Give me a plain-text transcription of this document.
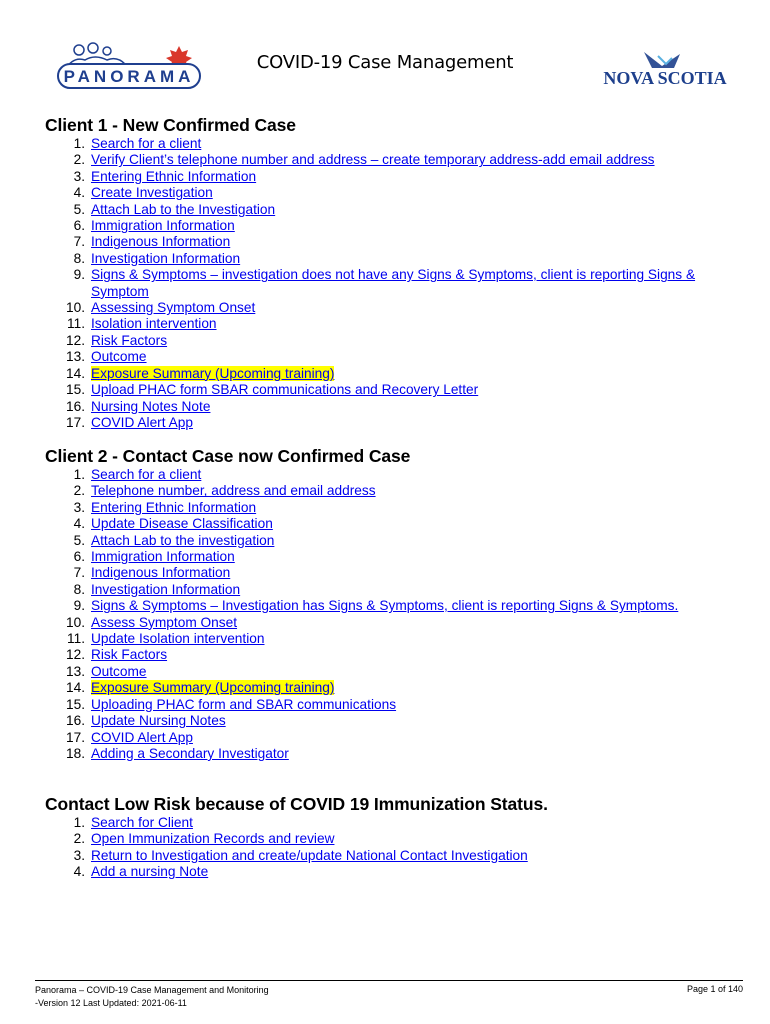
PANORAMA
COVID-19 Case Management
NOVA SCOTIA
Client 1 - New Confirmed Case
1. Search for a client
2. Verify Client’s telephone number and address – create temporary address-add email address
3. Entering Ethnic Information
4. Create Investigation
5. Attach Lab to the Investigation
6. Immigration Information
7. Indigenous Information
8. Investigation Information
9. Signs & Symptoms – investigation does not have any Signs & Symptoms, client is reporting Signs & Symptom
10. Assessing Symptom Onset
11. Isolation intervention
12. Risk Factors
13. Outcome
14. Exposure Summary (Upcoming training)
15. Upload PHAC form SBAR communications and Recovery Letter
16. Nursing Notes Note
17. COVID Alert App
Client 2 - Contact Case now Confirmed Case
1. Search for a client
2. Telephone number, address and email address
3. Entering Ethnic Information
4. Update Disease Classification
5. Attach Lab to the investigation
6. Immigration Information
7. Indigenous Information
8. Investigation Information
9. Signs & Symptoms – Investigation has Signs & Symptoms, client is reporting Signs & Symptoms.
10. Assess Symptom Onset
11. Update Isolation intervention
12. Risk Factors
13. Outcome
14. Exposure Summary (Upcoming training)
15. Uploading PHAC form and SBAR communications
16. Update Nursing Notes
17. COVID Alert App
18. Adding a Secondary Investigator
Contact Low Risk because of COVID 19 Immunization Status.
1. Search for Client
2. Open Immunization Records and review
3. Return to Investigation and create/update National Contact Investigation
4. Add a nursing Note
Panorama – COVID-19 Case Management and Monitoring
-Version 12 Last Updated: 2021-06-11
Page 1 of 140
